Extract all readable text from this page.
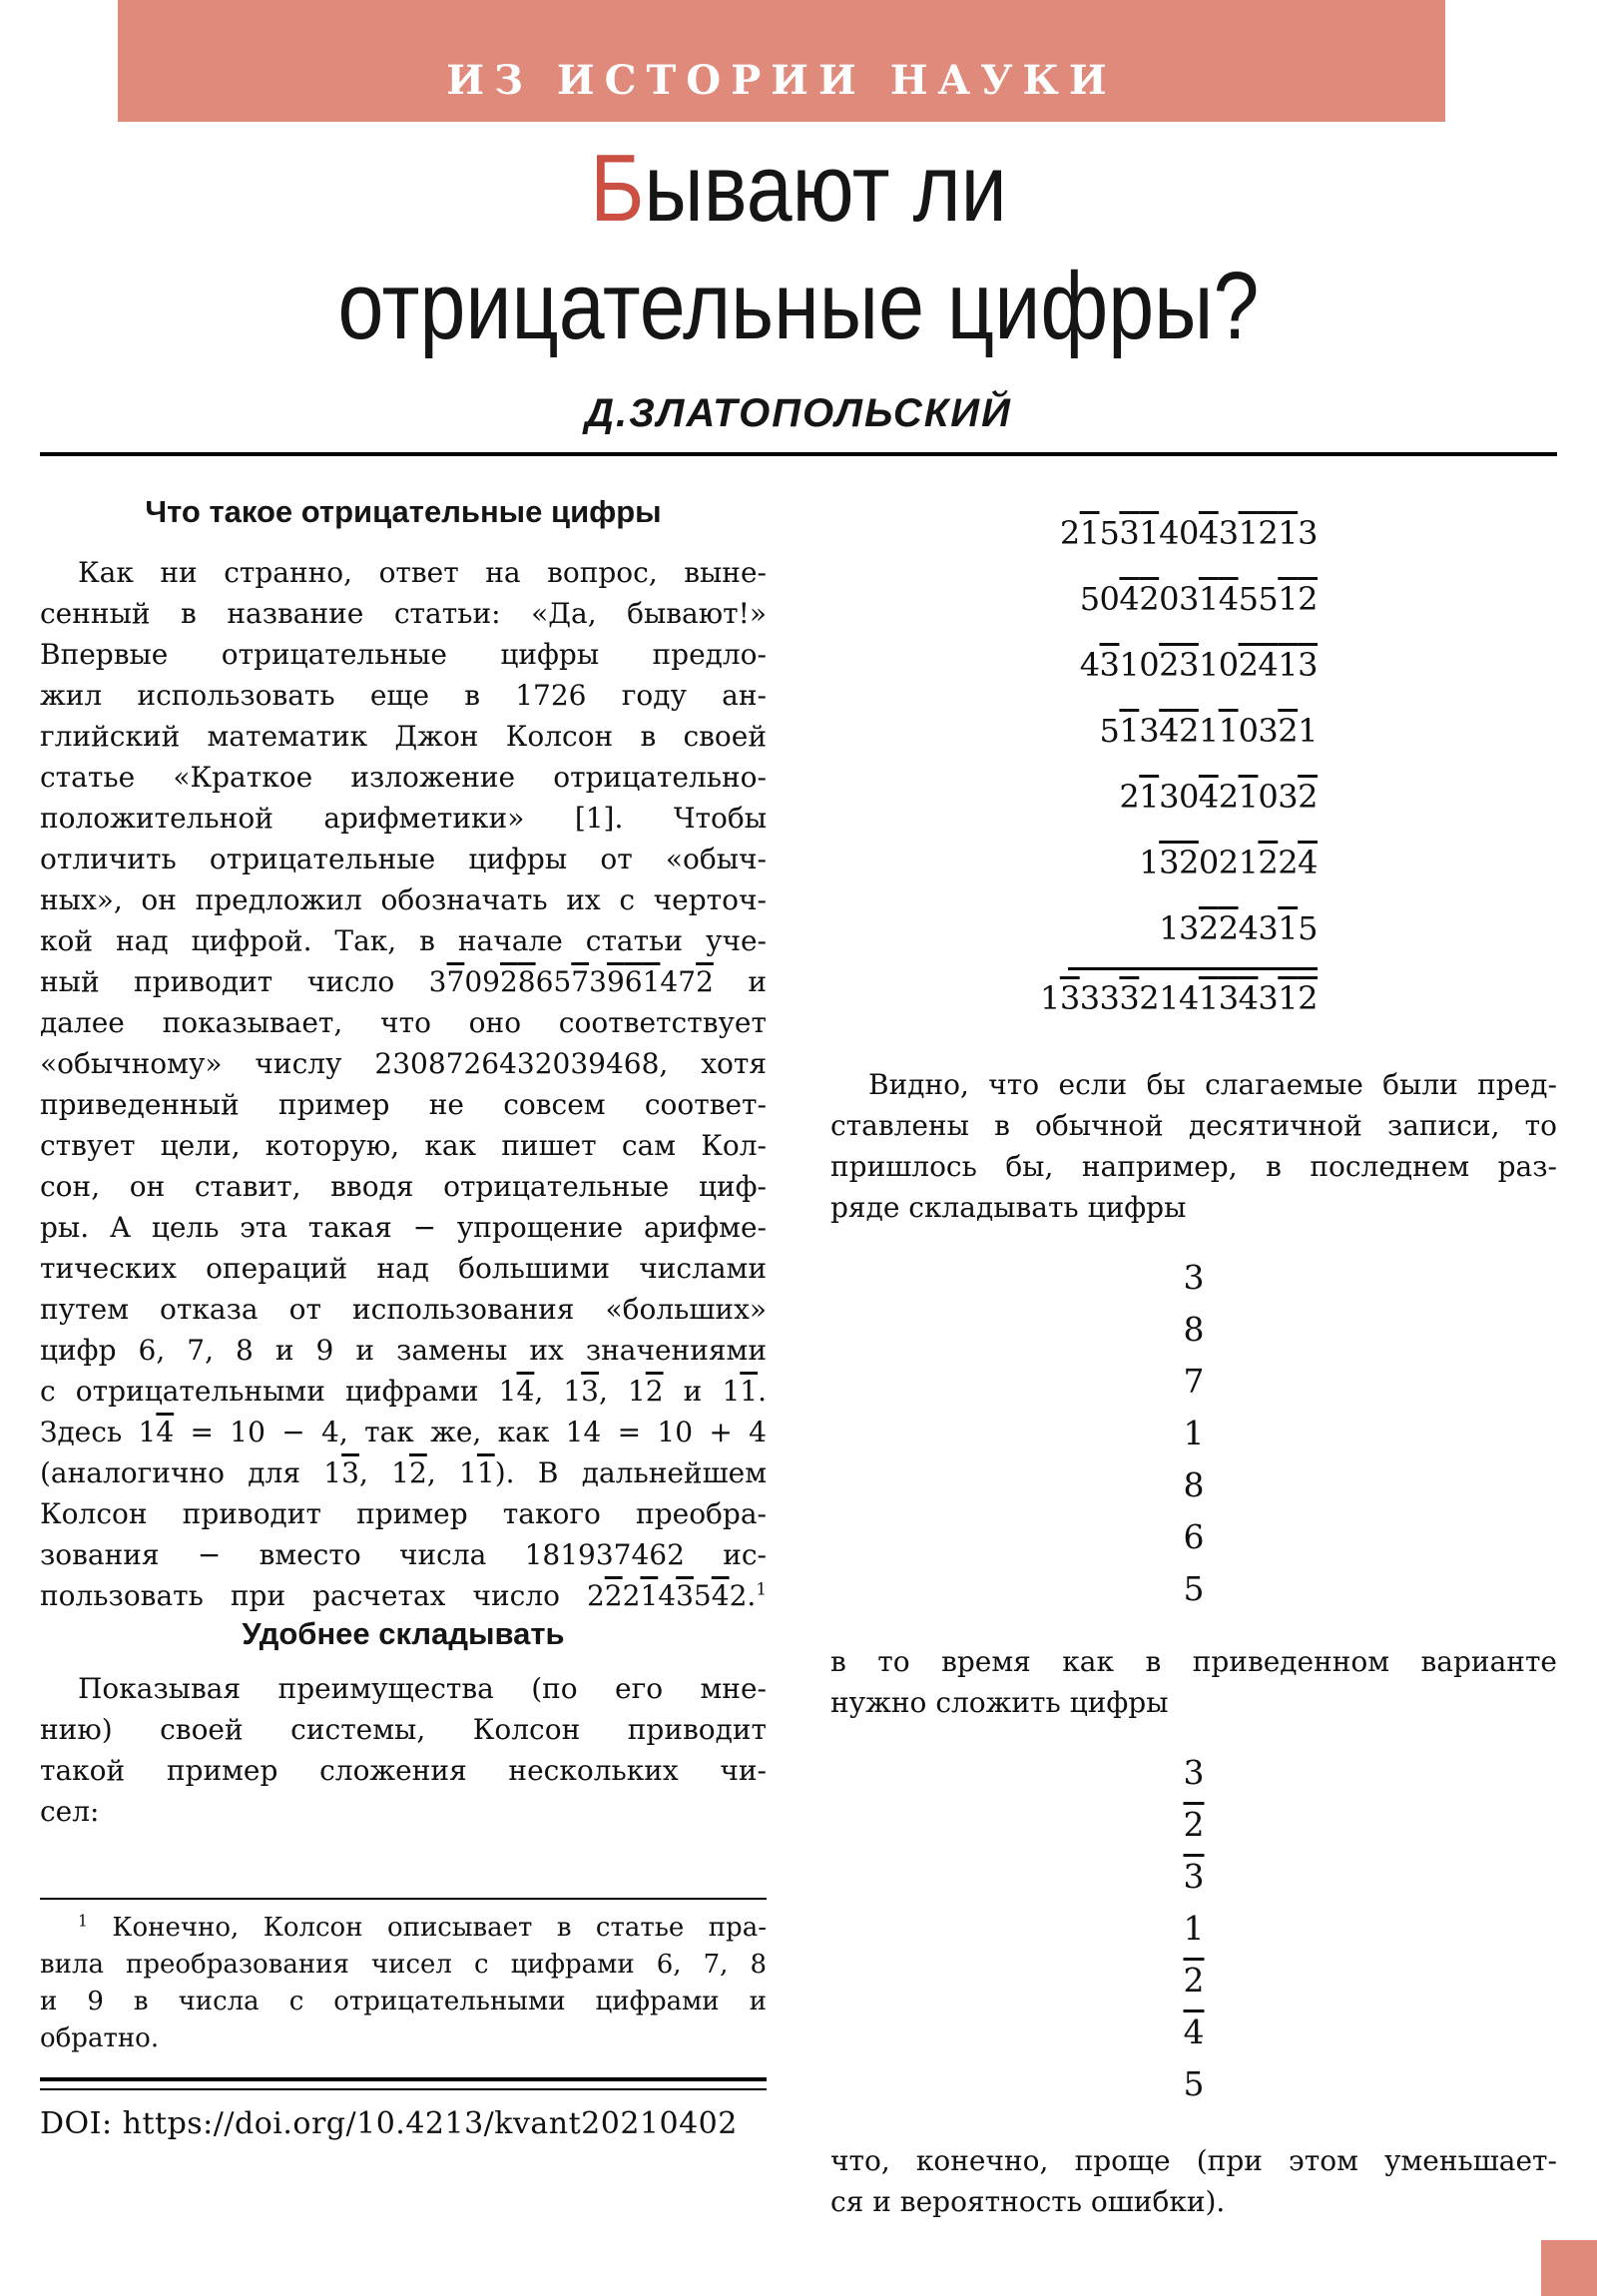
ИЗ ИСТОРИИ НАУКИ
Бывают ли
отрицательные цифры?
Д.ЗЛАТОПОЛЬСКИЙ
Что такое отрицательные цифры
Как ни странно, ответ на вопрос, выне-
сенный в название статьи: «Да, бывают!»
Впервые отрицательные цифры предло-
жил использовать еще в 1726 году ан-
глийский математик Джон Колсон в своей
статье «Краткое изложение отрицательно-
положительной арифметики» [1]. Чтобы
отличить отрицательные цифры от «обыч-
ных», он предложил обозначать их с черточ-
кой над цифрой. Так, в начале статьи уче-
ный приводит число 3709286573961472 и
далее показывает, что оно соответствует
«обычному» числу 2308726432039468, хотя
приведенный пример не совсем соответ-
ствует цели, которую, как пишет сам Кол-
сон, он ставит, вводя отрицательные циф-
ры. А цель эта такая − упрощение арифме-
тических операций над большими числами
путем отказа от использования «больших»
цифр 6, 7, 8 и 9 и замены их значениями
с отрицательными цифрами 14, 13, 12 и 11.
Здесь 14 = 10 − 4, так же, как 14 = 10 + 4
(аналогично для 13, 12, 11). В дальнейшем
Колсон приводит пример такого преобра-
зования − вместо числа 181937462 ис-
пользовать при расчетах число 222143542.$^1$
Удобнее складывать
Показывая преимущества (по его мне-
нию) своей системы, Колсон приводит
такой пример сложения нескольких чи-
сел:
$^1$ Конечно, Колсон описывает в статье пра-
вила преобразования чисел с цифрами 6, 7, 8
и 9 в числа с отрицательными цифрами и
обратно.
DOI: https://doi.org/10.4213/kvant20210402
2153140431213
504203145512
431023102413
51342110321
2130421032
132021224
13224315
13333214134312
Видно, что если бы слагаемые были пред-
ставлены в обычной десятичной записи, то
пришлось бы, например, в последнем раз-
ряде складывать цифры
3
8
7
1
8
6
5
в то время как в приведенном варианте
нужно сложить цифры
3
2
3
1
2
4
5
что, конечно, проще (при этом уменьшает-
ся и вероятность ошибки).
